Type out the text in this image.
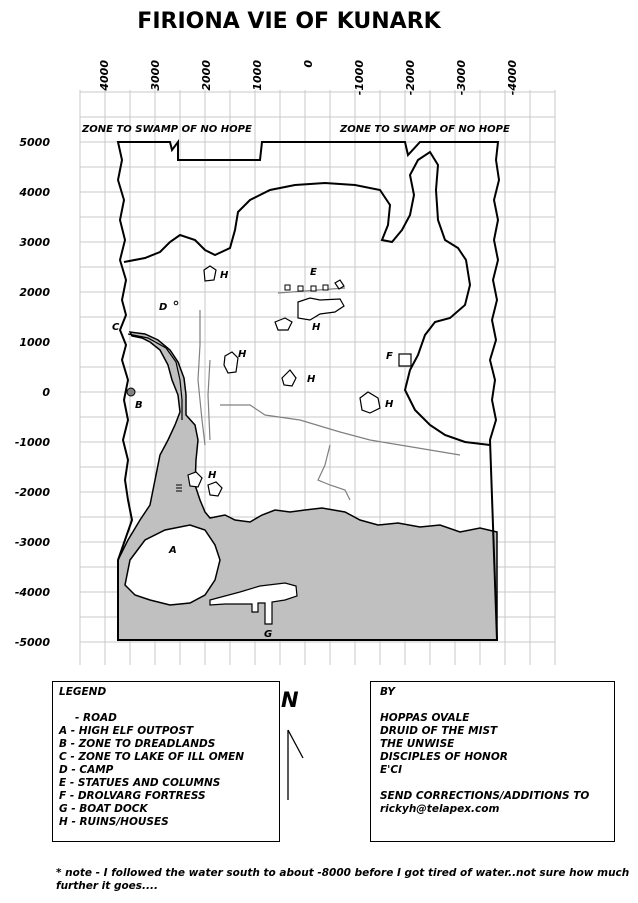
FIRIONA VIE OF KUNARK
4000	3000	2000	1000	0	-1000	-2000	-3000	-4000
5000
4000
3000
2000
1000
0
-1000
-2000
-3000
-4000
-5000
ZONE TO SWAMP OF NO HOPE	ZONE TO SWAMP OF NO HOPE
H	E
D
C	H
H	F
H
B	H
H
A
G
N
LEGEND
- ROAD
A - HIGH ELF OUTPOST
B - ZONE TO DREADLANDS
C - ZONE TO LAKE OF ILL OMEN
D - CAMP
E - STATUES AND COLUMNS
F - DROLVARG FORTRESS
G - BOAT DOCK
H - RUINS/HOUSES
BY
HOPPAS OVALE
DRUID OF THE MIST
THE UNWISE
DISCIPLES OF HONOR
E'CI
SEND CORRECTIONS/ADDITIONS TO
rickyh@telapex.com
* note - I followed the water south to about -8000 before I got tired of water..not sure how much further it goes....
